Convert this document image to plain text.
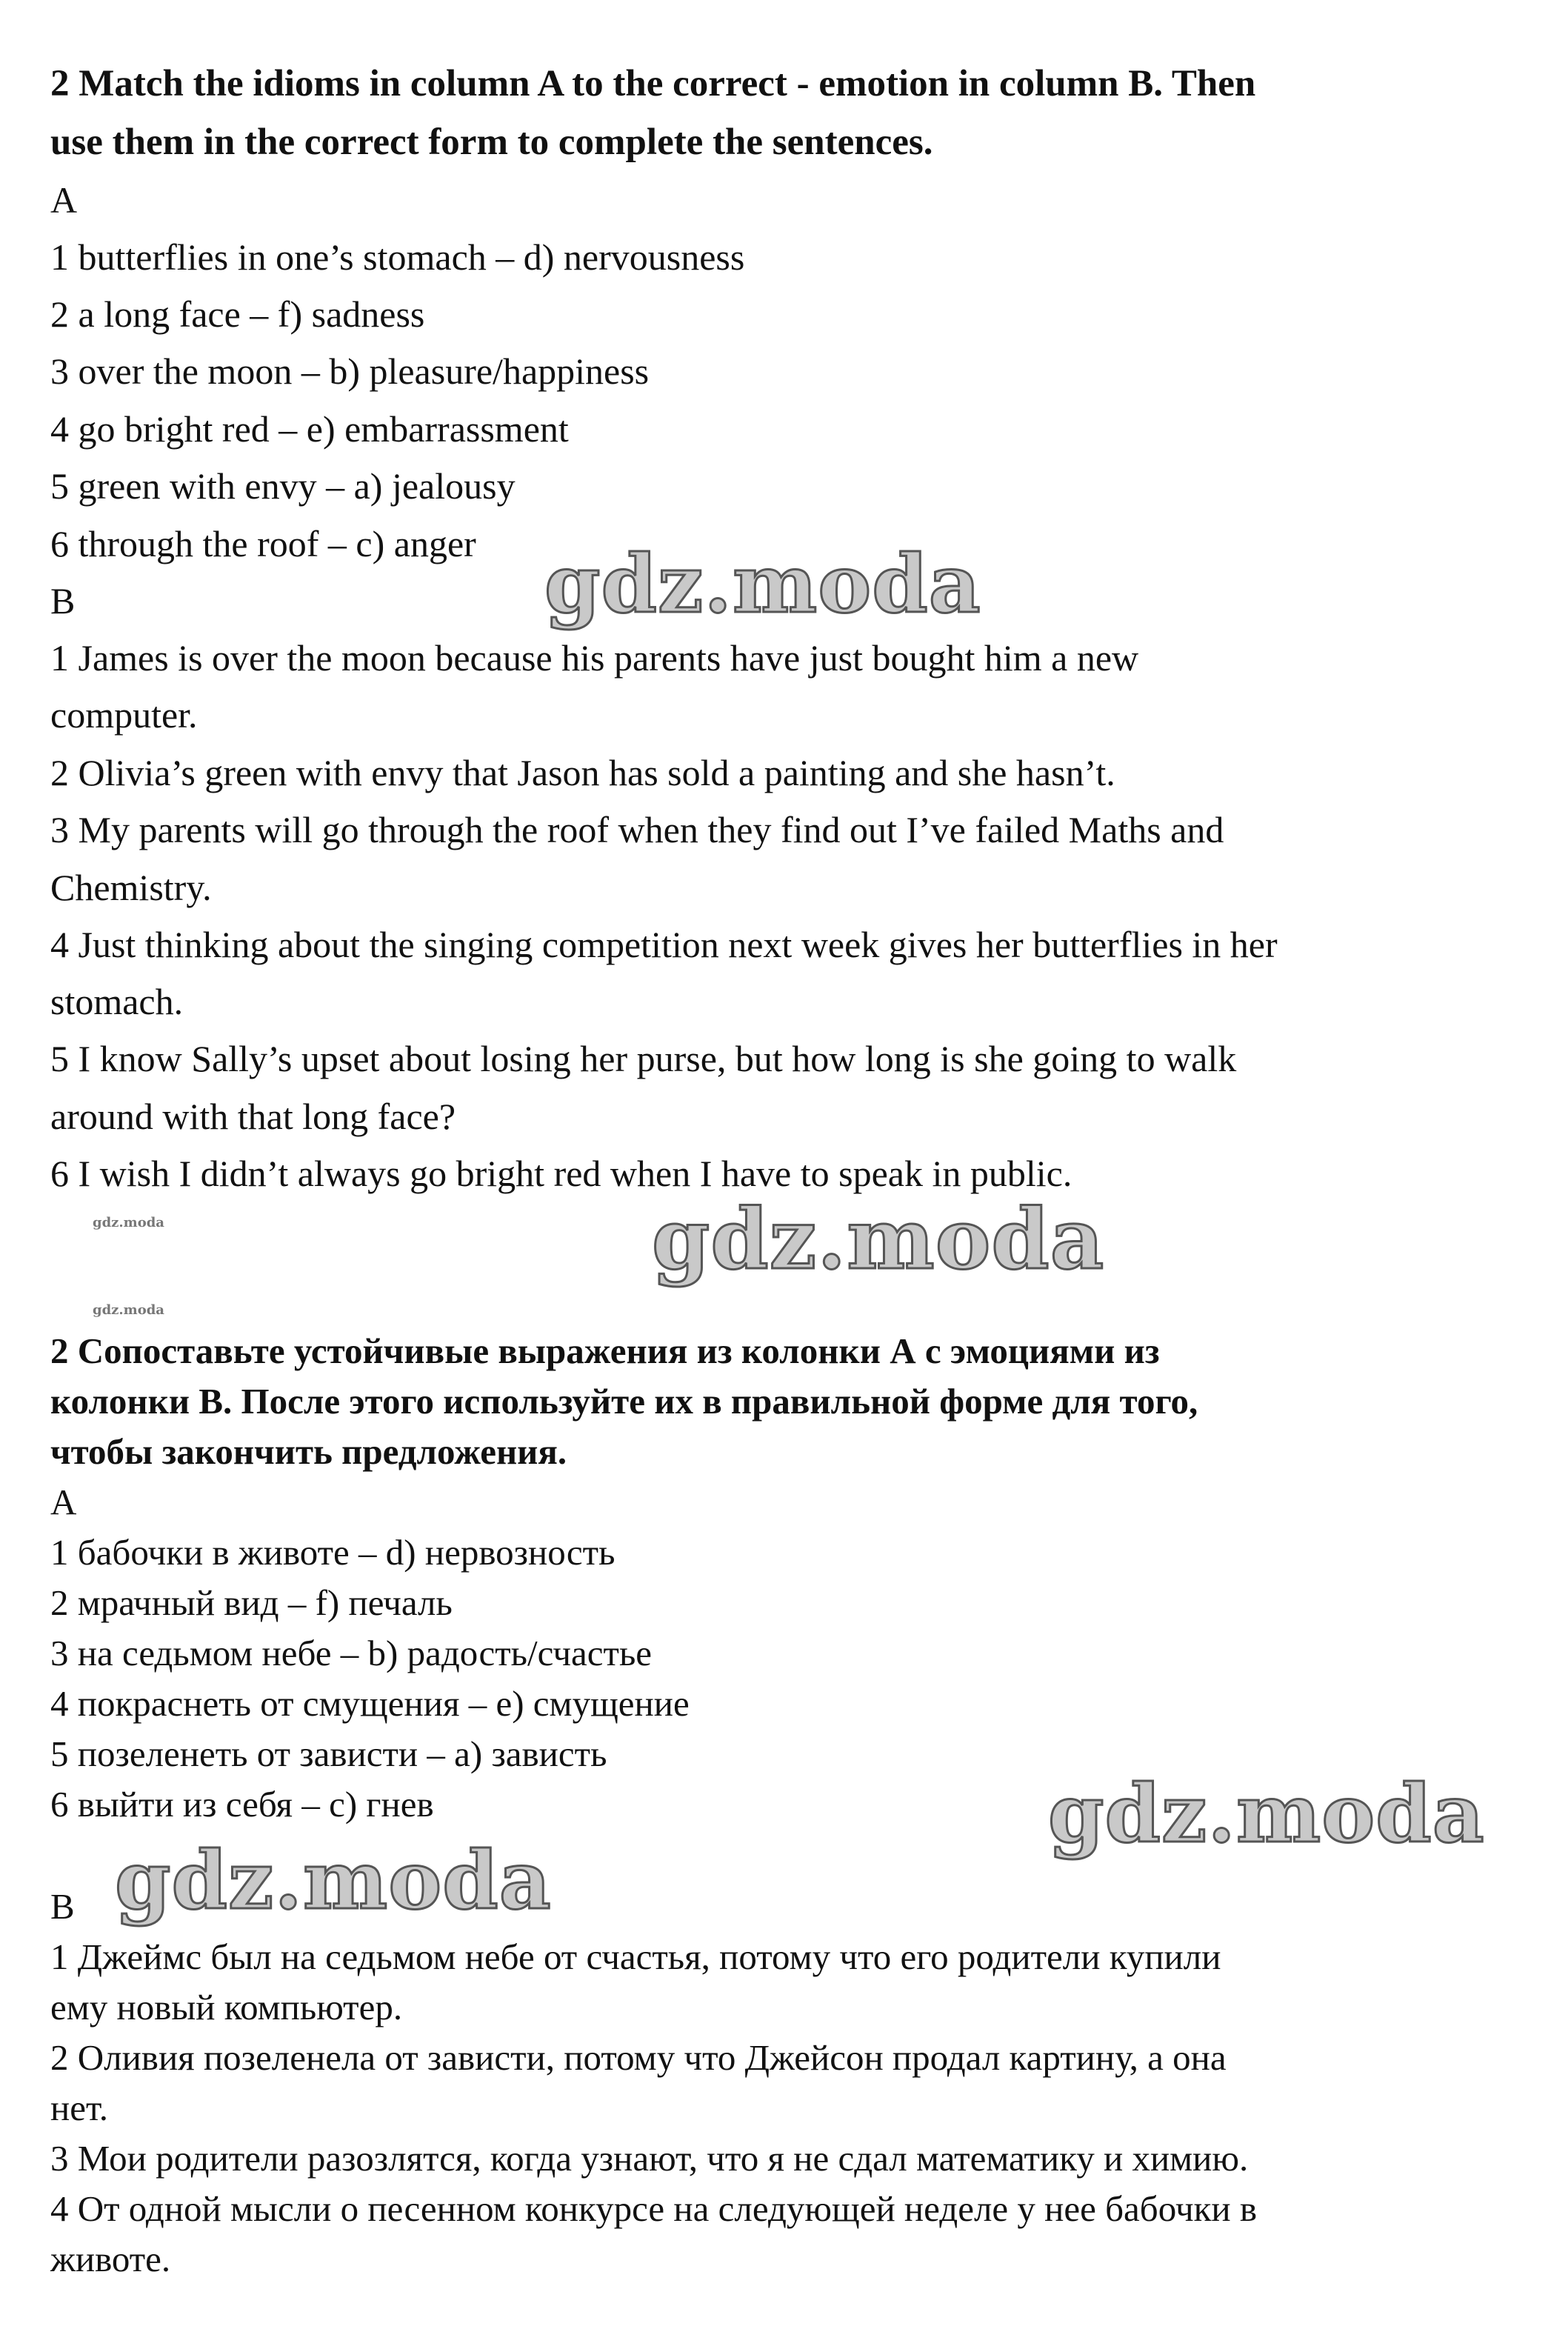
2 Match the idioms in column A to the correct - emotion in column B. Then
use them in the correct form to complete the sentences.
A
1 butterflies in one’s stomach – d) nervousness
2 a long face – f) sadness
3 over the moon – b) pleasure/happiness
4 go bright red – e) embarrassment
5 green with envy – a) jealousy
6 through the roof – c) anger
B
1 James is over the moon because his parents have just bought him a new
computer.
2 Olivia’s green with envy that Jason has sold a painting and she hasn’t.
3 My parents will go through the roof when they find out I’ve failed Maths and
Chemistry.
4 Just thinking about the singing competition next week gives her butterflies in her
stomach.
5 I know Sally’s upset about losing her purse, but how long is she going to walk
around with that long face?
6 I wish I didn’t always go bright red when I have to speak in public.
2 Сопоставьте устойчивые выражения из колонки А с эмоциями из
колонки В. После этого используйте их в правильной форме для того,
чтобы закончить предложения.
А
1 бабочки в животе – d) нервозность
2 мрачный вид – f) печаль
3 на седьмом небе – b) радость/счастье
4 покраснеть от смущения – e) смущение
5 позеленеть от зависти – a) зависть
6 выйти из себя – c) гнев
В
1 Джеймс был на седьмом небе от счастья, потому что его родители купили
ему новый компьютер.
2 Оливия позеленела от зависти, потому что Джейсон продал картину, а она
нет.
3 Мои родители разозлятся, когда узнают, что я не сдал математику и химию.
4 От одной мысли о песенном конкурсе на следующей неделе у нее бабочки в
животе.
gdz.moda
gdz.moda
gdz.moda
gdz.moda
gdz.moda
gdz.moda
